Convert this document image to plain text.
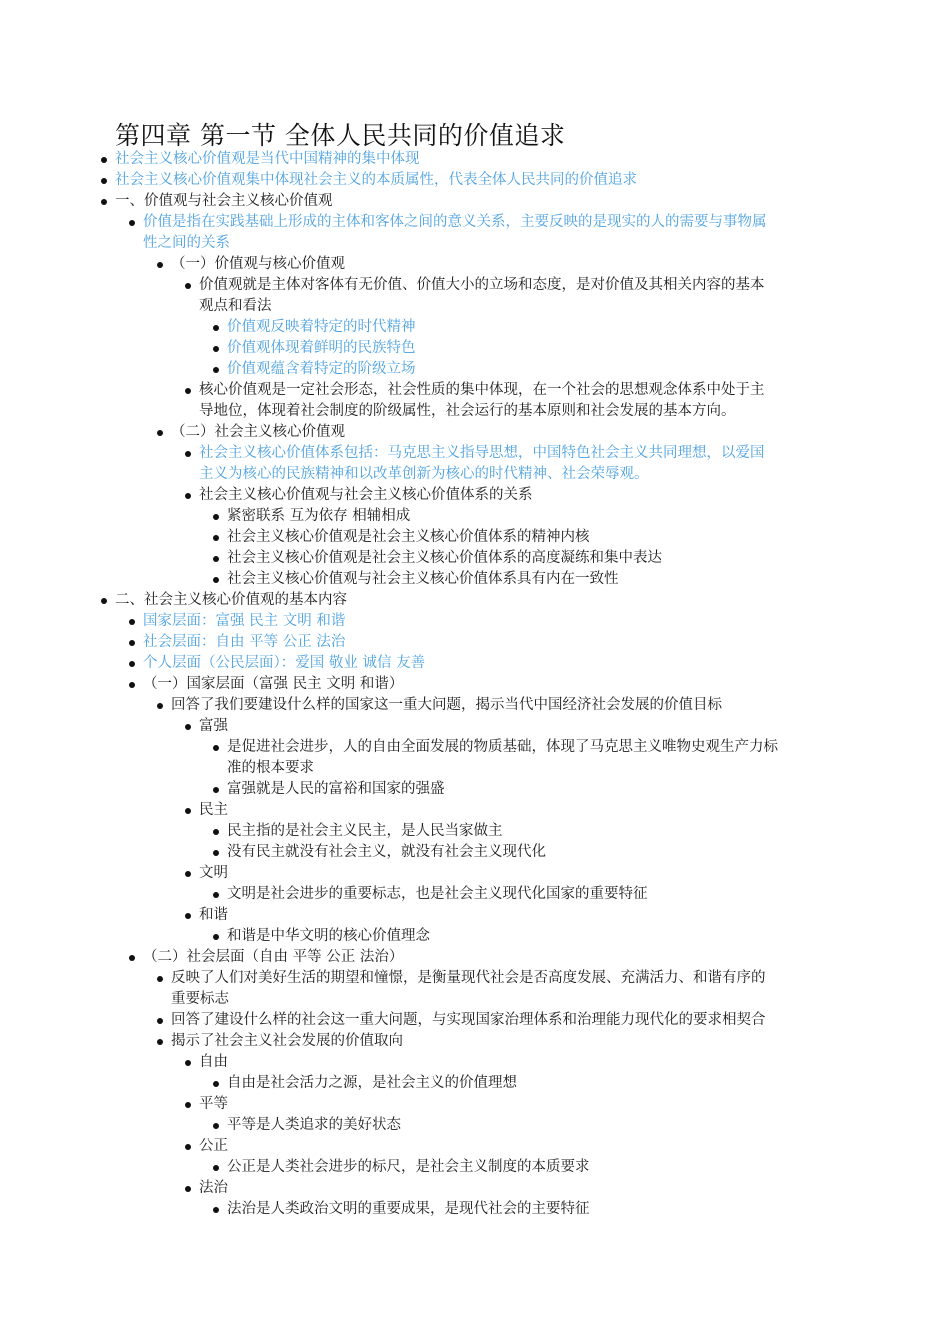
第四章 第一节 全体人民共同的价值追求
社会主义核心价值观是当代中国精神的集中体现
社会主义核心价值观集中体现社会主义的本质属性，代表全体人民共同的价值追求
一、价值观与社会主义核心价值观
价值是指在实践基础上形成的主体和客体之间的意义关系，主要反映的是现实的人的需要与事物属
性之间的关系
（一）价值观与核心价值观
价值观就是主体对客体有无价值、价值大小的立场和态度，是对价值及其相关内容的基本
观点和看法
价值观反映着特定的时代精神
价值观体现着鲜明的民族特色
价值观蕴含着特定的阶级立场
核心价值观是一定社会形态，社会性质的集中体现，在一个社会的思想观念体系中处于主
导地位，体现着社会制度的阶级属性，社会运行的基本原则和社会发展的基本方向。
（二）社会主义核心价值观
社会主义核心价值体系包括：马克思主义指导思想，中国特色社会主义共同理想，以爱国
主义为核心的民族精神和以改革创新为核心的时代精神、社会荣辱观。
社会主义核心价值观与社会主义核心价值体系的关系
紧密联系 互为依存 相辅相成
社会主义核心价值观是社会主义核心价值体系的精神内核
社会主义核心价值观是社会主义核心价值体系的高度凝练和集中表达
社会主义核心价值观与社会主义核心价值体系具有内在一致性
二、社会主义核心价值观的基本内容
国家层面：富强 民主 文明 和谐
社会层面：自由 平等 公正 法治
个人层面（公民层面）：爱国 敬业 诚信 友善
（一）国家层面（富强 民主 文明 和谐）
回答了我们要建设什么样的国家这一重大问题，揭示当代中国经济社会发展的价值目标
富强
是促进社会进步，人的自由全面发展的物质基础，体现了马克思主义唯物史观生产力标
准的根本要求
富强就是人民的富裕和国家的强盛
民主
民主指的是社会主义民主，是人民当家做主
没有民主就没有社会主义，就没有社会主义现代化
文明
文明是社会进步的重要标志，也是社会主义现代化国家的重要特征
和谐
和谐是中华文明的核心价值理念
（二）社会层面（自由 平等 公正 法治）
反映了人们对美好生活的期望和憧憬，是衡量现代社会是否高度发展、充满活力、和谐有序的
重要标志
回答了建设什么样的社会这一重大问题，与实现国家治理体系和治理能力现代化的要求相契合
揭示了社会主义社会发展的价值取向
自由
自由是社会活力之源，是社会主义的价值理想
平等
平等是人类追求的美好状态
公正
公正是人类社会进步的标尺，是社会主义制度的本质要求
法治
法治是人类政治文明的重要成果，是现代社会的主要特征
